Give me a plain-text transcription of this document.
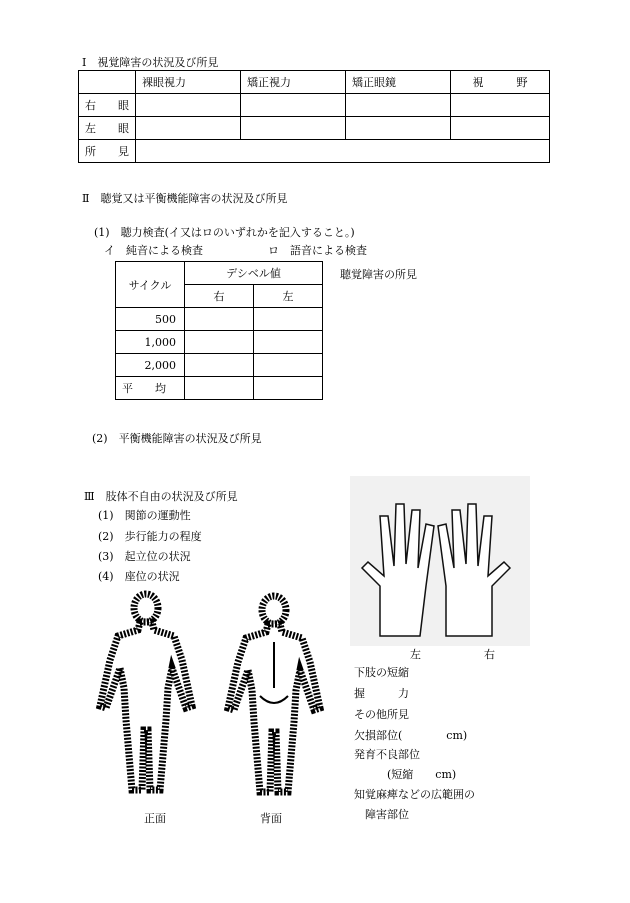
Ⅰ　視覚障害の状況及び所見
	裸眼視力	矯正視力	矯正眼鏡	視　　　野
右　　眼				
左　　眼				
所　　見				
Ⅱ　聴覚又は平衡機能障害の状況及び所見
(1)　聴力検査(イ又はロのいずれかを記入すること。)
イ　純音による検査	ロ　語音による検査
聴覚障害の所見
サイクル	デシベル値	
	右	左
500		
1,000		
2,000		
平　　均		
(2)　平衡機能障害の状況及び所見
Ⅲ　肢体不自由の状況及び所見
(1)　関節の運動性
(2)　歩行能力の程度
(3)　起立位の状況
(4)　座位の状況
正面	背面
左	右
下肢の短縮
握　　　力
その他所見
欠損部位(　　　　cm)
発育不良部位
　　　(短縮　　cm)
知覚麻痺などの広範囲の
　障害部位
